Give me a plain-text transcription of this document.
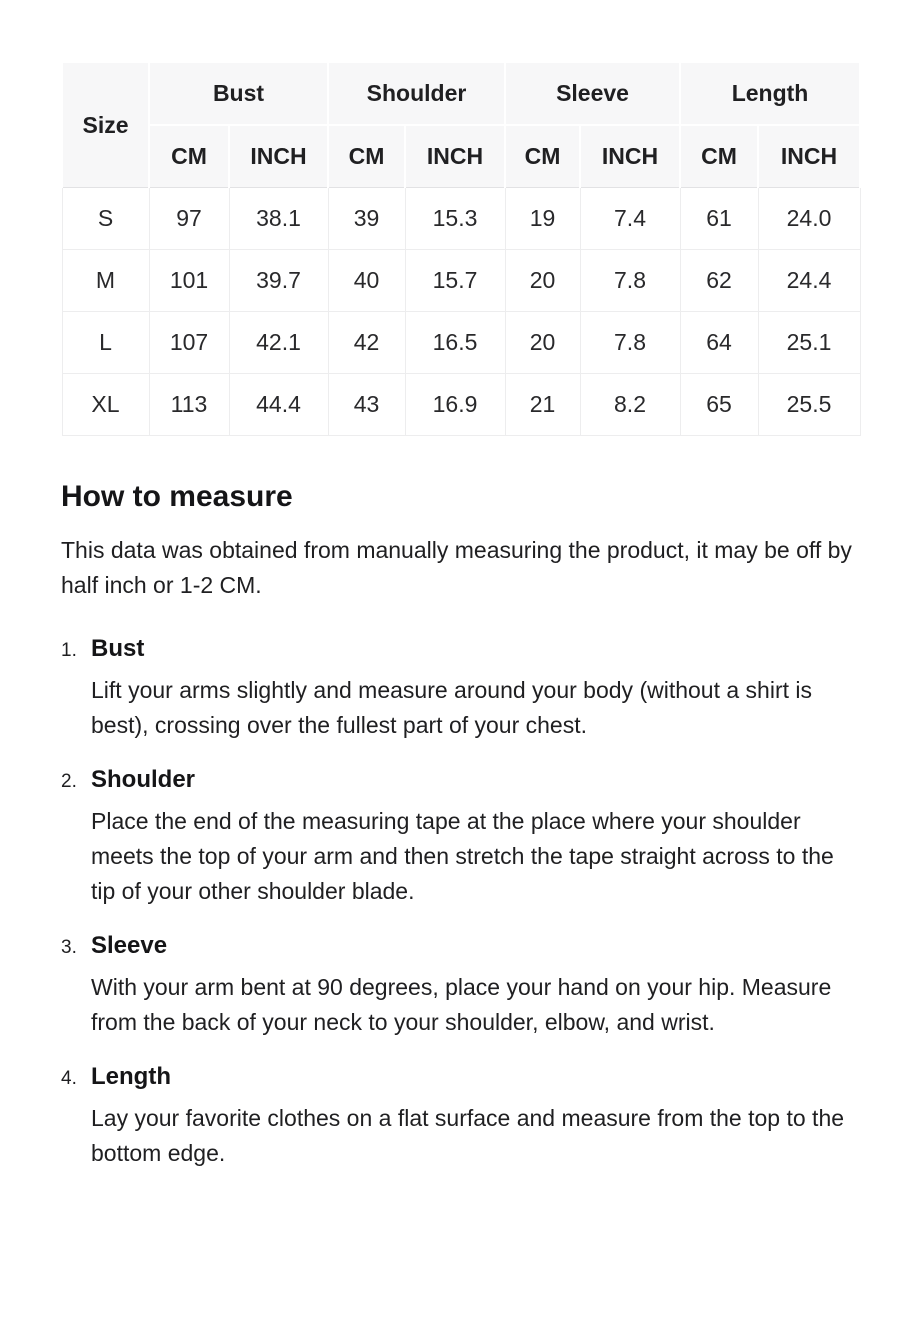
Size	Bust		Shoulder		Sleeve		Length	
	CM	INCH	CM	INCH	CM	INCH	CM	INCH
S	97	38.1	39	15.3	19	7.4	61	24.0
M	101	39.7	40	15.7	20	7.8	62	24.4
L	107	42.1	42	16.5	20	7.8	64	25.1
XL	113	44.4	43	16.9	21	8.2	65	25.5
How to measure

This data was obtained from manually measuring the product, it may be off by half inch or 1-2 CM.

1. Bust

Lift your arms slightly and measure around your body (without a shirt is best), crossing over the fullest part of your chest.

2. Shoulder

Place the end of the measuring tape at the place where your shoulder meets the top of your arm and then stretch the tape straight across to the tip of your other shoulder blade.

3. Sleeve

With your arm bent at 90 degrees, place your hand on your hip. Measure from the back of your neck to your shoulder, elbow, and wrist.

4. Length

Lay your favorite clothes on a flat surface and measure from the top to the bottom edge.
